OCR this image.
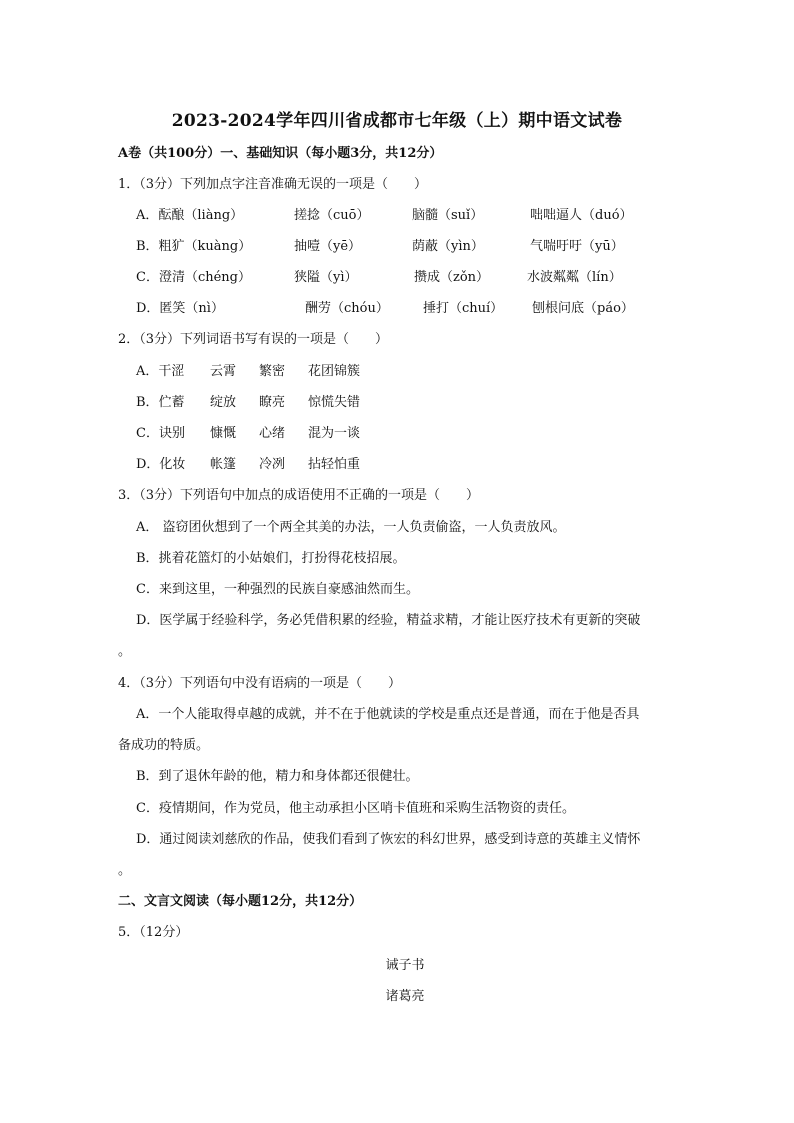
2023-2024学年四川省成都市七年级（上）期中语文试卷
A卷（共100分）一、基础知识（每小题3分，共12分）
1．（3分）下列加点字注音准确无误的一项是（　　）
A．酝酿（liàng）	搓捻（cuō）	脑髓（suǐ）	咄咄逼人（duó）
B．粗犷（kuàng）	抽噎（yē）	荫蔽（yìn）	气喘吁吁（yū）
C．澄清（chéng）	狭隘（yì）	攒成（zǒn）	水波粼粼（lín）
D．匿笑（nì）	酬劳（chóu）	捶打（chuí） 刨根问底（páo）
2．（3分）下列词语书写有误的一项是（　　）
A．干涩 云霄 繁密 花团锦簇
B．伫蓄 绽放 瞭亮 惊慌失错
C．诀别 慷慨 心绪 混为一谈
D．化妆 帐篷 冷冽 拈轻怕重
3．（3分）下列语句中加点的成语使用不正确的一项是（　　）
A． 盗窃团伙想到了一个两全其美的办法，一人负责偷盗，一人负责放风。
B．挑着花篮灯的小姑娘们，打扮得花枝招展。
C．来到这里，一种强烈的民族自豪感油然而生。
D．医学属于经验科学，务必凭借积累的经验，精益求精，才能让医疗技术有更新的突破
。
4．（3分）下列语句中没有语病的一项是（　　）
A．一个人能取得卓越的成就，并不在于他就读的学校是重点还是普通，而在于他是否具
备成功的特质。
B．到了退休年龄的他，精力和身体都还很健壮。
C．疫情期间，作为党员，他主动承担小区哨卡值班和采购生活物资的责任。
D．通过阅读刘慈欣的作品，使我们看到了恢宏的科幻世界，感受到诗意的英雄主义情怀
。
二、文言文阅读（每小题12分，共12分）
5．（12分）
诫子书
诸葛亮
